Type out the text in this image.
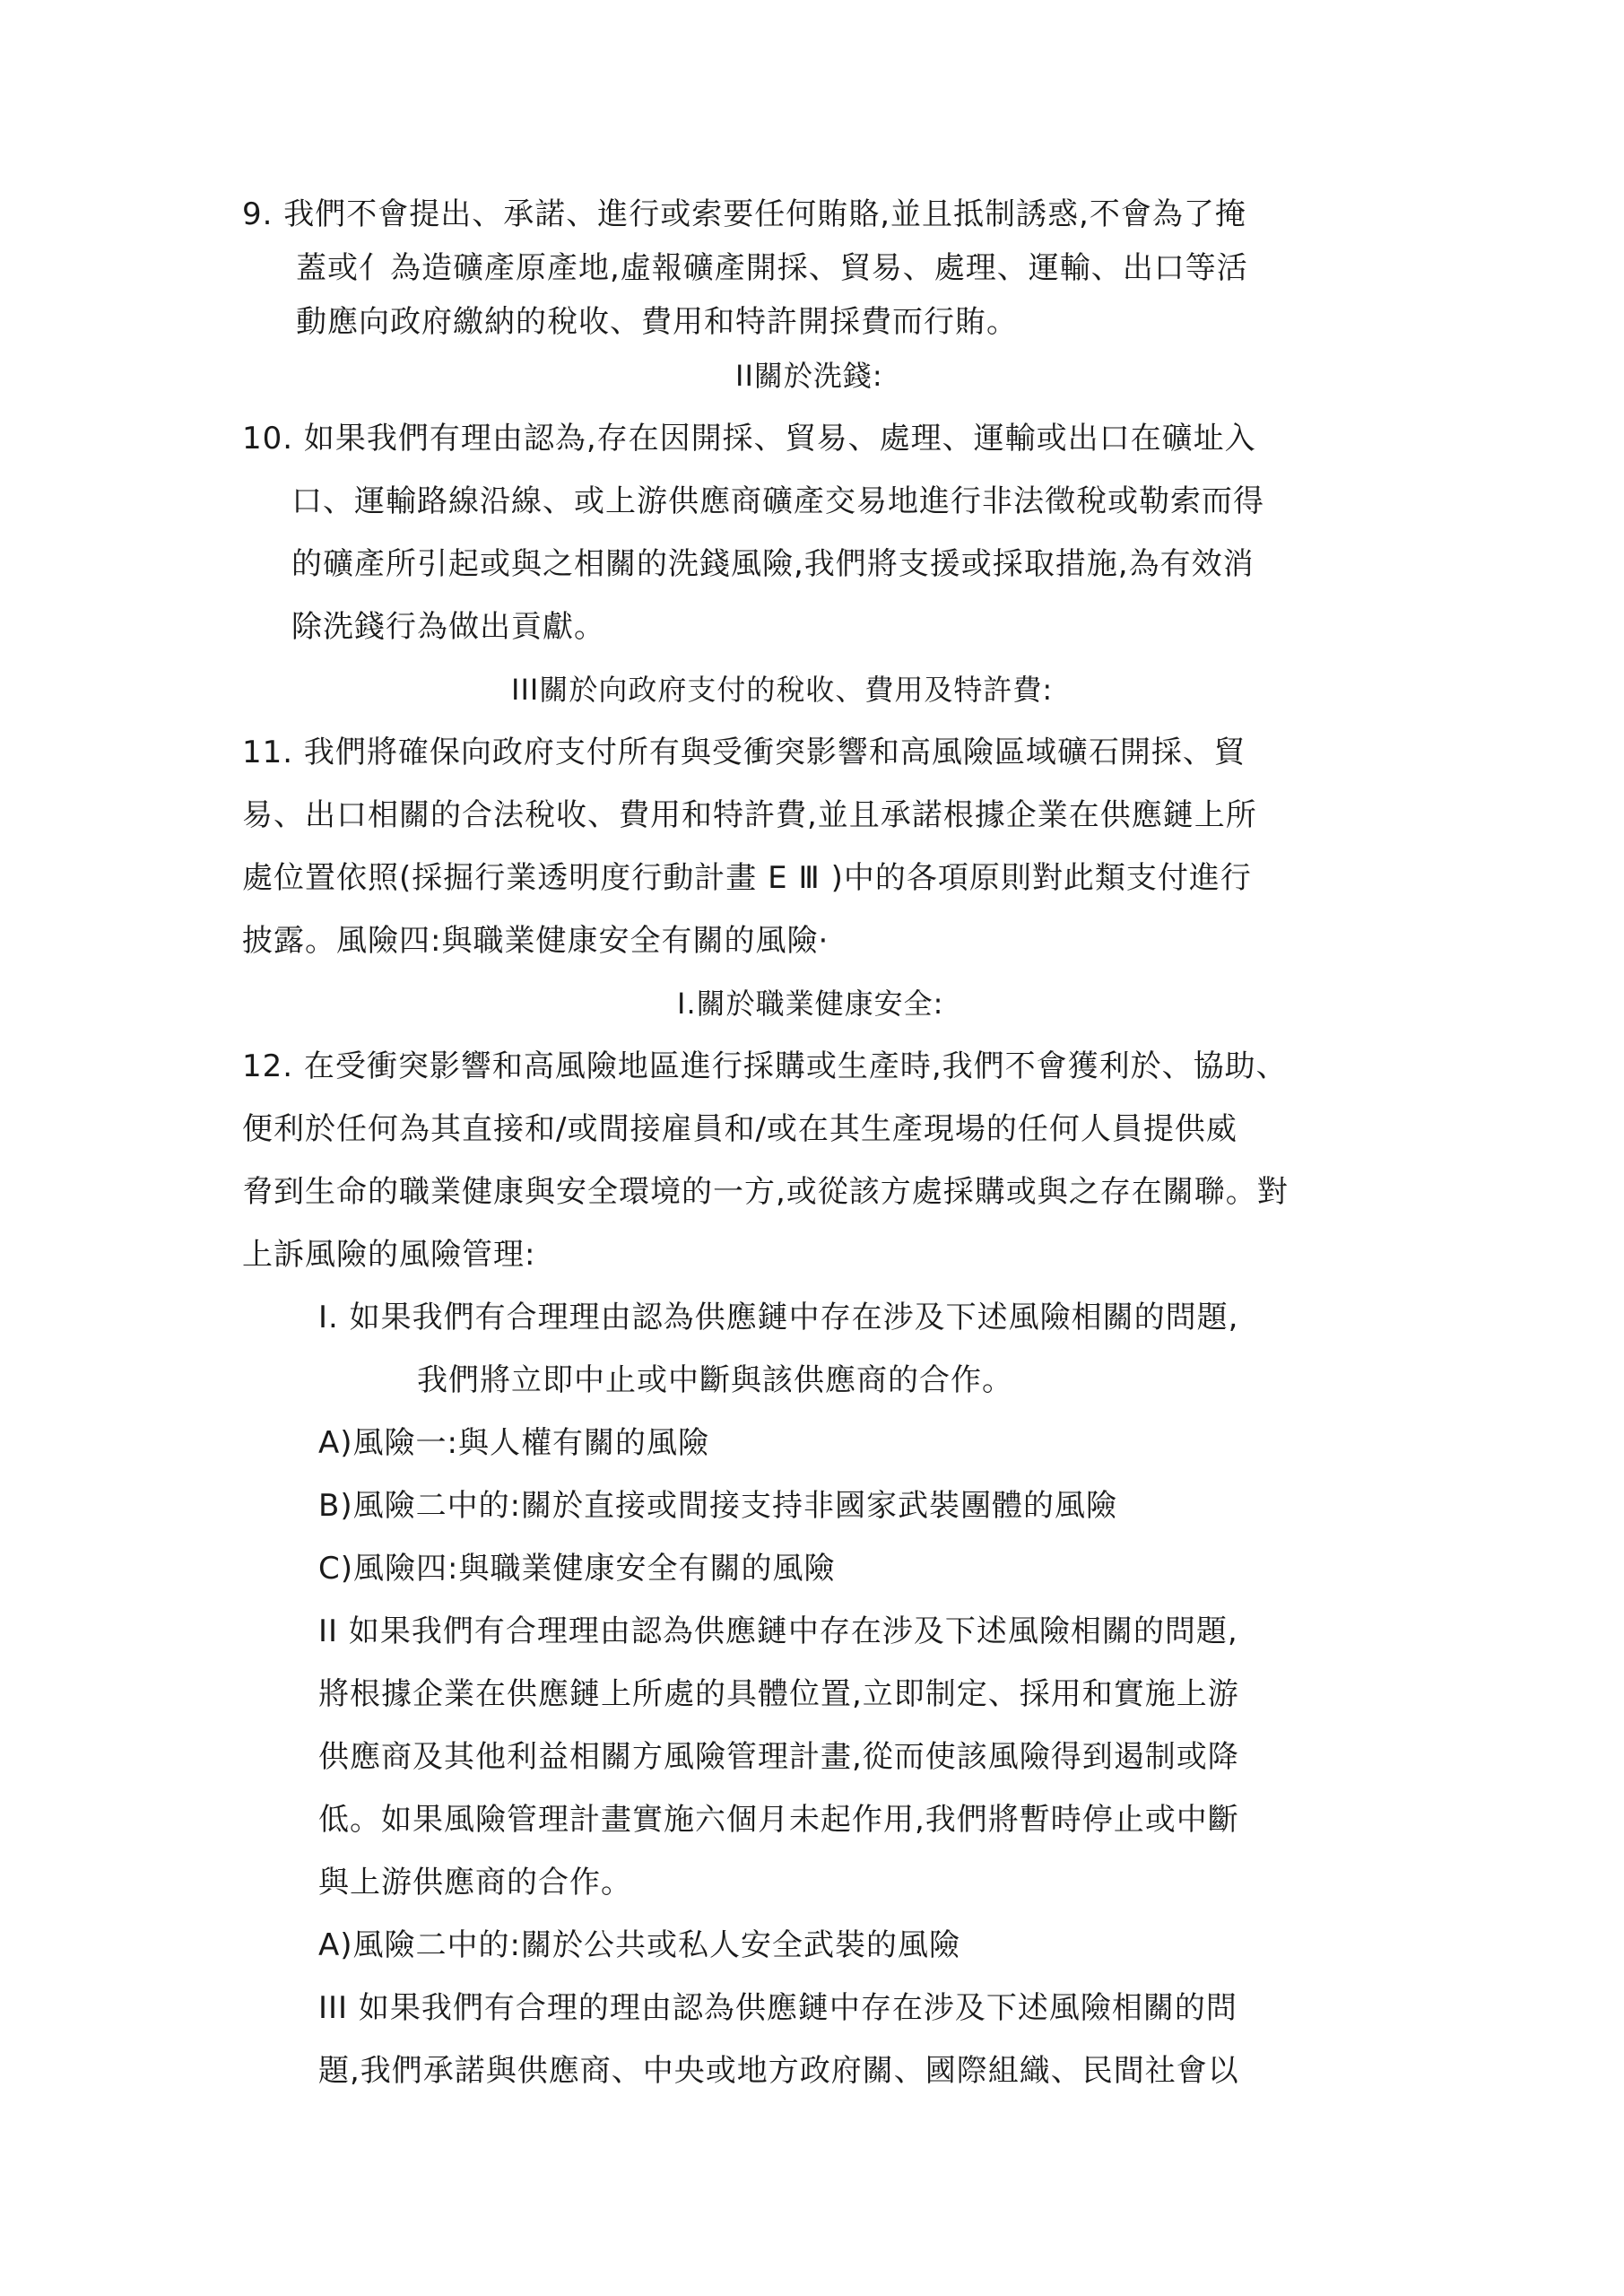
9. 我們不會提出、承諾、進行或索要任何賄賂,並且抵制誘惑,不會為了掩
蓋或亻為造礦產原產地,虛報礦產開採、貿易、處理、運輸、出口等活
動應向政府繳納的稅收、費用和特許開採費而行賄。
II關於洗錢:
10. 如果我們有理由認為,存在因開採、貿易、處理、運輸或出口在礦址入
口、運輸路線沿線、或上游供應商礦產交易地進行非法徵稅或勒索而得
的礦產所引起或與之相關的洗錢風險,我們將支援或採取措施,為有效消
除洗錢行為做出貢獻。
III關於向政府支付的稅收、費用及特許費:
11. 我們將確保向政府支付所有與受衝突影響和高風險區域礦石開採、貿
易、出口相關的合法稅收、費用和特許費,並且承諾根據企業在供應鏈上所
處位置依照(採掘行業透明度行動計畫 E Ⅲ )中的各項原則對此類支付進行
披露。風險四:與職業健康安全有關的風險·
I.關於職業健康安全:
12. 在受衝突影響和高風險地區進行採購或生產時,我們不會獲利於、協助、
便利於任何為其直接和/或間接雇員和/或在其生產現場的任何人員提供威
脅到生命的職業健康與安全環境的一方,或從該方處採購或與之存在關聯。對
上訴風險的風險管理:
I. 如果我們有合理理由認為供應鏈中存在涉及下述風險相關的問題,
我們將立即中止或中斷與該供應商的合作。
A)風險一:與人權有關的風險
B)風險二中的:關於直接或間接支持非國家武裝團體的風險
C)風險四:與職業健康安全有關的風險
II 如果我們有合理理由認為供應鏈中存在涉及下述風險相關的問題,
將根據企業在供應鏈上所處的具體位置,立即制定、採用和實施上游
供應商及其他利益相關方風險管理計畫,從而使該風險得到遏制或降
低。如果風險管理計畫實施六個月未起作用,我們將暫時停止或中斷
與上游供應商的合作。
A)風險二中的:關於公共或私人安全武裝的風險
III 如果我們有合理的理由認為供應鏈中存在涉及下述風險相關的問
題,我們承諾與供應商、中央或地方政府關、國際組織、民間社會以
